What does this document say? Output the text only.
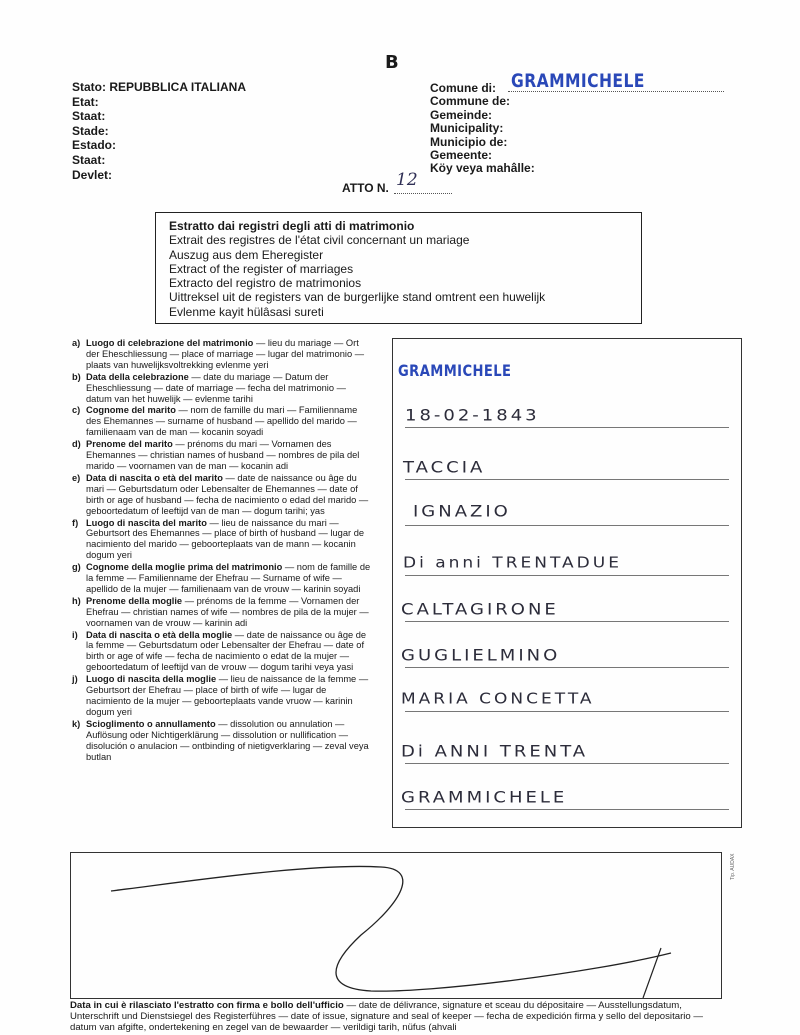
B
Stato: REPUBBLICA ITALIANA
Etat:
Staat:
Stade:
Estado:
Staat:
Devlet:
Comune di:
Commune de:
Gemeinde:
Municipality:
Municipio de:
Gemeente:
Köy veya mahâlle:
GRAMMICHELE
ATTO N. 12
Estratto dai registri degli atti di matrimonio
Extrait des registres de l'état civil concernant un mariage
Auszug aus dem Eheregister
Extract of the register of marriages
Extracto del registro de matrimonios
Uittreksel uit de registers van de burgerlijke stand omtrent een huwelijk
Evlenme kayit hülâsasi sureti
a) Luogo di celebrazione del matrimonio — lieu du mariage — Ort der Eheschliessung — place of marriage — lugar del matrimonio — plaats van huwelijksvoltrekking evlenme yeri
b) Data della celebrazione — date du mariage — Datum der Eheschliessung — date of marriage — fecha del matrimonio — datum van het huwelijk — evlenme tarihi
c) Cognome del marito — nom de famille du mari — Familienname des Ehemannes — surname of husband — apellido del marido — familienaam van de man — kocanin soyadi
d) Prenome del marito — prénoms du mari — Vornamen des Ehemannes — christian names of husband — nombres de pila del marido — voornamen van de man — kocanin adi
e) Data di nascita o età del marito — date de naissance ou âge du mari — Geburtsdatum oder Lebensalter de Ehemannes — date of birth or age of husband — fecha de nacimiento o edad del marido — geboortedatum of leeftijd van de man — dogum tarihi; yas
f) Luogo di nascita del marito — lieu de naissance du mari — Geburtsort des Ehemannes — place of birth of husband — lugar de nacimiento del marido — geboorteplaats van de mann — kocanin dogum yeri
g) Cognome della moglie prima del matrimonio — nom de famille de la femme — Familienname der Ehefrau — Surname of wife — apellido de la mujer — familienaam van de vrouw — karinin soyadi
h) Prenome della moglie — prénoms de la femme — Vornamen der Ehefrau — christian names of wife — nombres de pila de la mujer — voornamen van de vrouw — karinin adi
i) Data di nascita o età della moglie — date de naissance ou âge de la femme — Geburtsdatum oder Lebensalter der Ehefrau — date of birth or age of wife — fecha de nacimiento o edat de la mujer — geboortedatum of leeftijd van de vrouw — dogum tarihi veya yasi
j) Luogo di nascita della moglie — lieu de naissance de la femme — Geburtsort der Ehefrau — place of birth of wife — lugar de nacimiento de la mujer — geboorteplaats vande vruow — karinin dogum yeri
k) Scioglimento o annullamento — dissolution ou annulation — Auflösung oder Nichtigerklärung — dissolution or nullification — disolución o anulacion — ontbinding of nietigverklaring — zeval veya butlan
GRAMMICHELE
18-02-1843
TACCIA
IGNAZIO
Di anni TRENTADUE
CALTAGIRONE
GUGLIELMINO
MARIA CONCETTA
Di ANNI TRENTA
GRAMMICHELE
Tip. AUDAX
Data in cui è rilasciato l'estratto con firma e bollo dell'ufficio — date de délivrance, signature et sceau du dépositaire — Ausstellungsdatum, Unterschrift und Dienstsiegel des Registerführes — date of issue, signature and seal of keeper — fecha de expedición firma y sello del depositario — datum van afgifte, ondertekening en zegel van de bewaarder — verildigi tarih, nüfus (ahvali
